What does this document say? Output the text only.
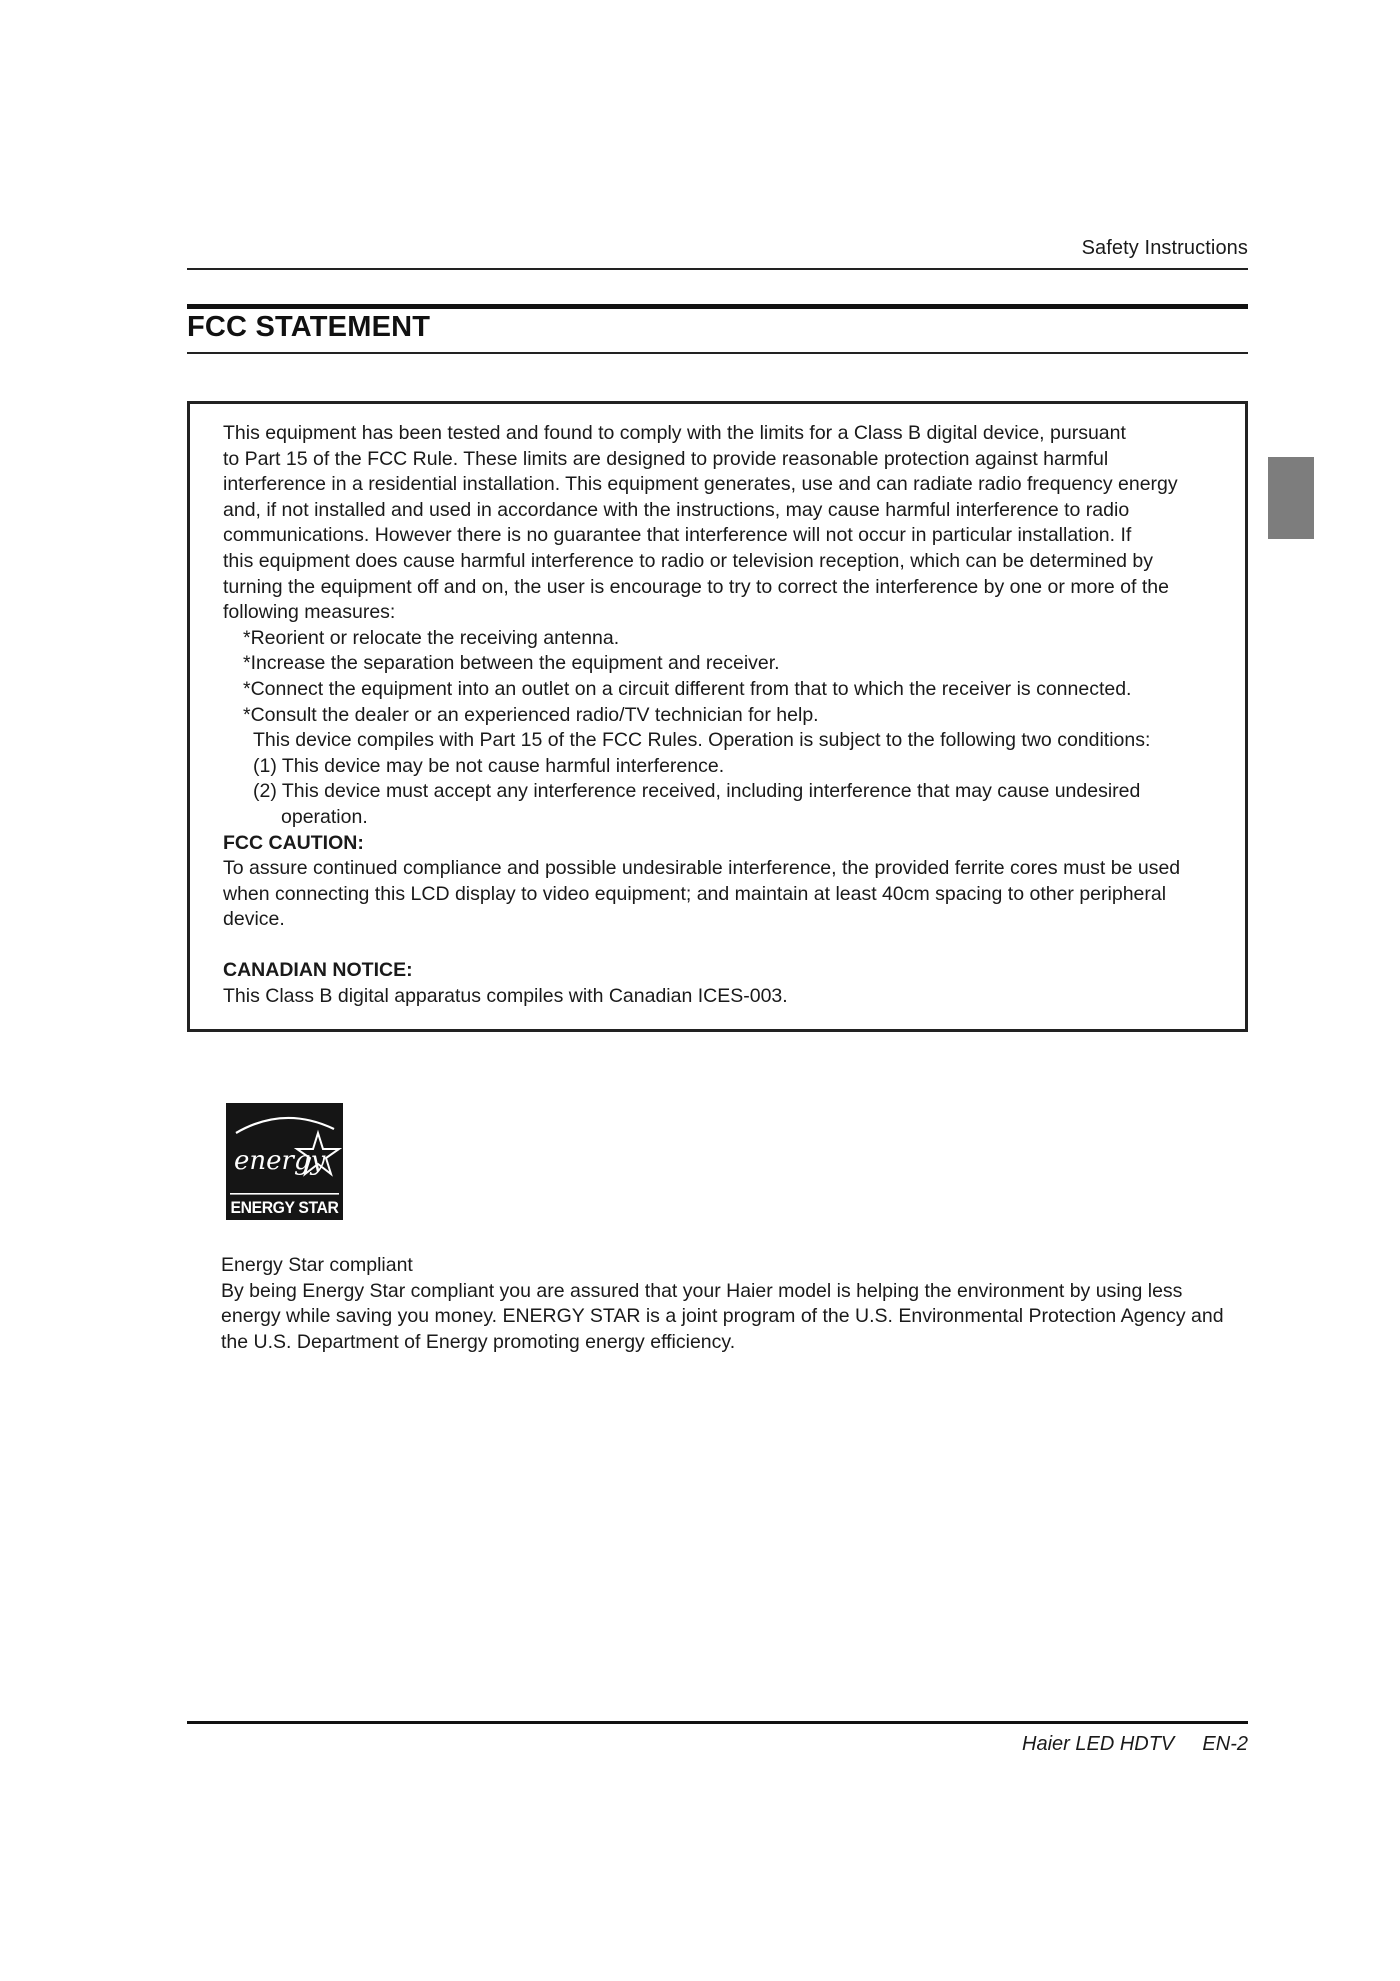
Safety Instructions
FCC STATEMENT

This equipment has been tested and found to comply with the limits for a Class B digital device, pursuant

to Part 15 of the FCC Rule. These limits are designed to provide reasonable protection against harmful

interference in a residential installation. This equipment generates, use and can radiate radio frequency energy

and, if not installed and used in accordance with the instructions, may cause harmful interference to radio

communications. However there is no guarantee that interference will not occur in particular installation. If

this equipment does cause harmful interference to radio or television reception, which can be determined by

turning the equipment off and on, the user is encourage to try to correct the interference by one or more of the

following measures:

*Reorient or relocate the receiving antenna.

*Increase the separation between the equipment and receiver.

*Connect the equipment into an outlet on a circuit different from that to which the receiver is connected.

*Consult the dealer or an experienced radio/TV technician for help.

This device compiles with Part 15 of the FCC Rules. Operation is subject to the following two conditions:

(1) This device may be not cause harmful interference.

(2) This device must accept any interference received, including interference that may cause undesired operation.

FCC CAUTION:

To assure continued compliance and possible undesirable interference, the provided ferrite cores must be used

when connecting this LCD display to video equipment; and maintain at least 40cm spacing to other peripheral

device.

CANADIAN NOTICE:

This Class B digital apparatus compiles with Canadian ICES-003.

energy
ENERGY STAR

Energy Star compliant

By being Energy Star compliant you are assured that your Haier model is helping the environment by using less

energy while saving you money. ENERGY STAR is a joint program of the U.S. Environmental Protection Agency and

the U.S. Department of Energy promoting energy efficiency.

Haier LED HDTV EN-2
